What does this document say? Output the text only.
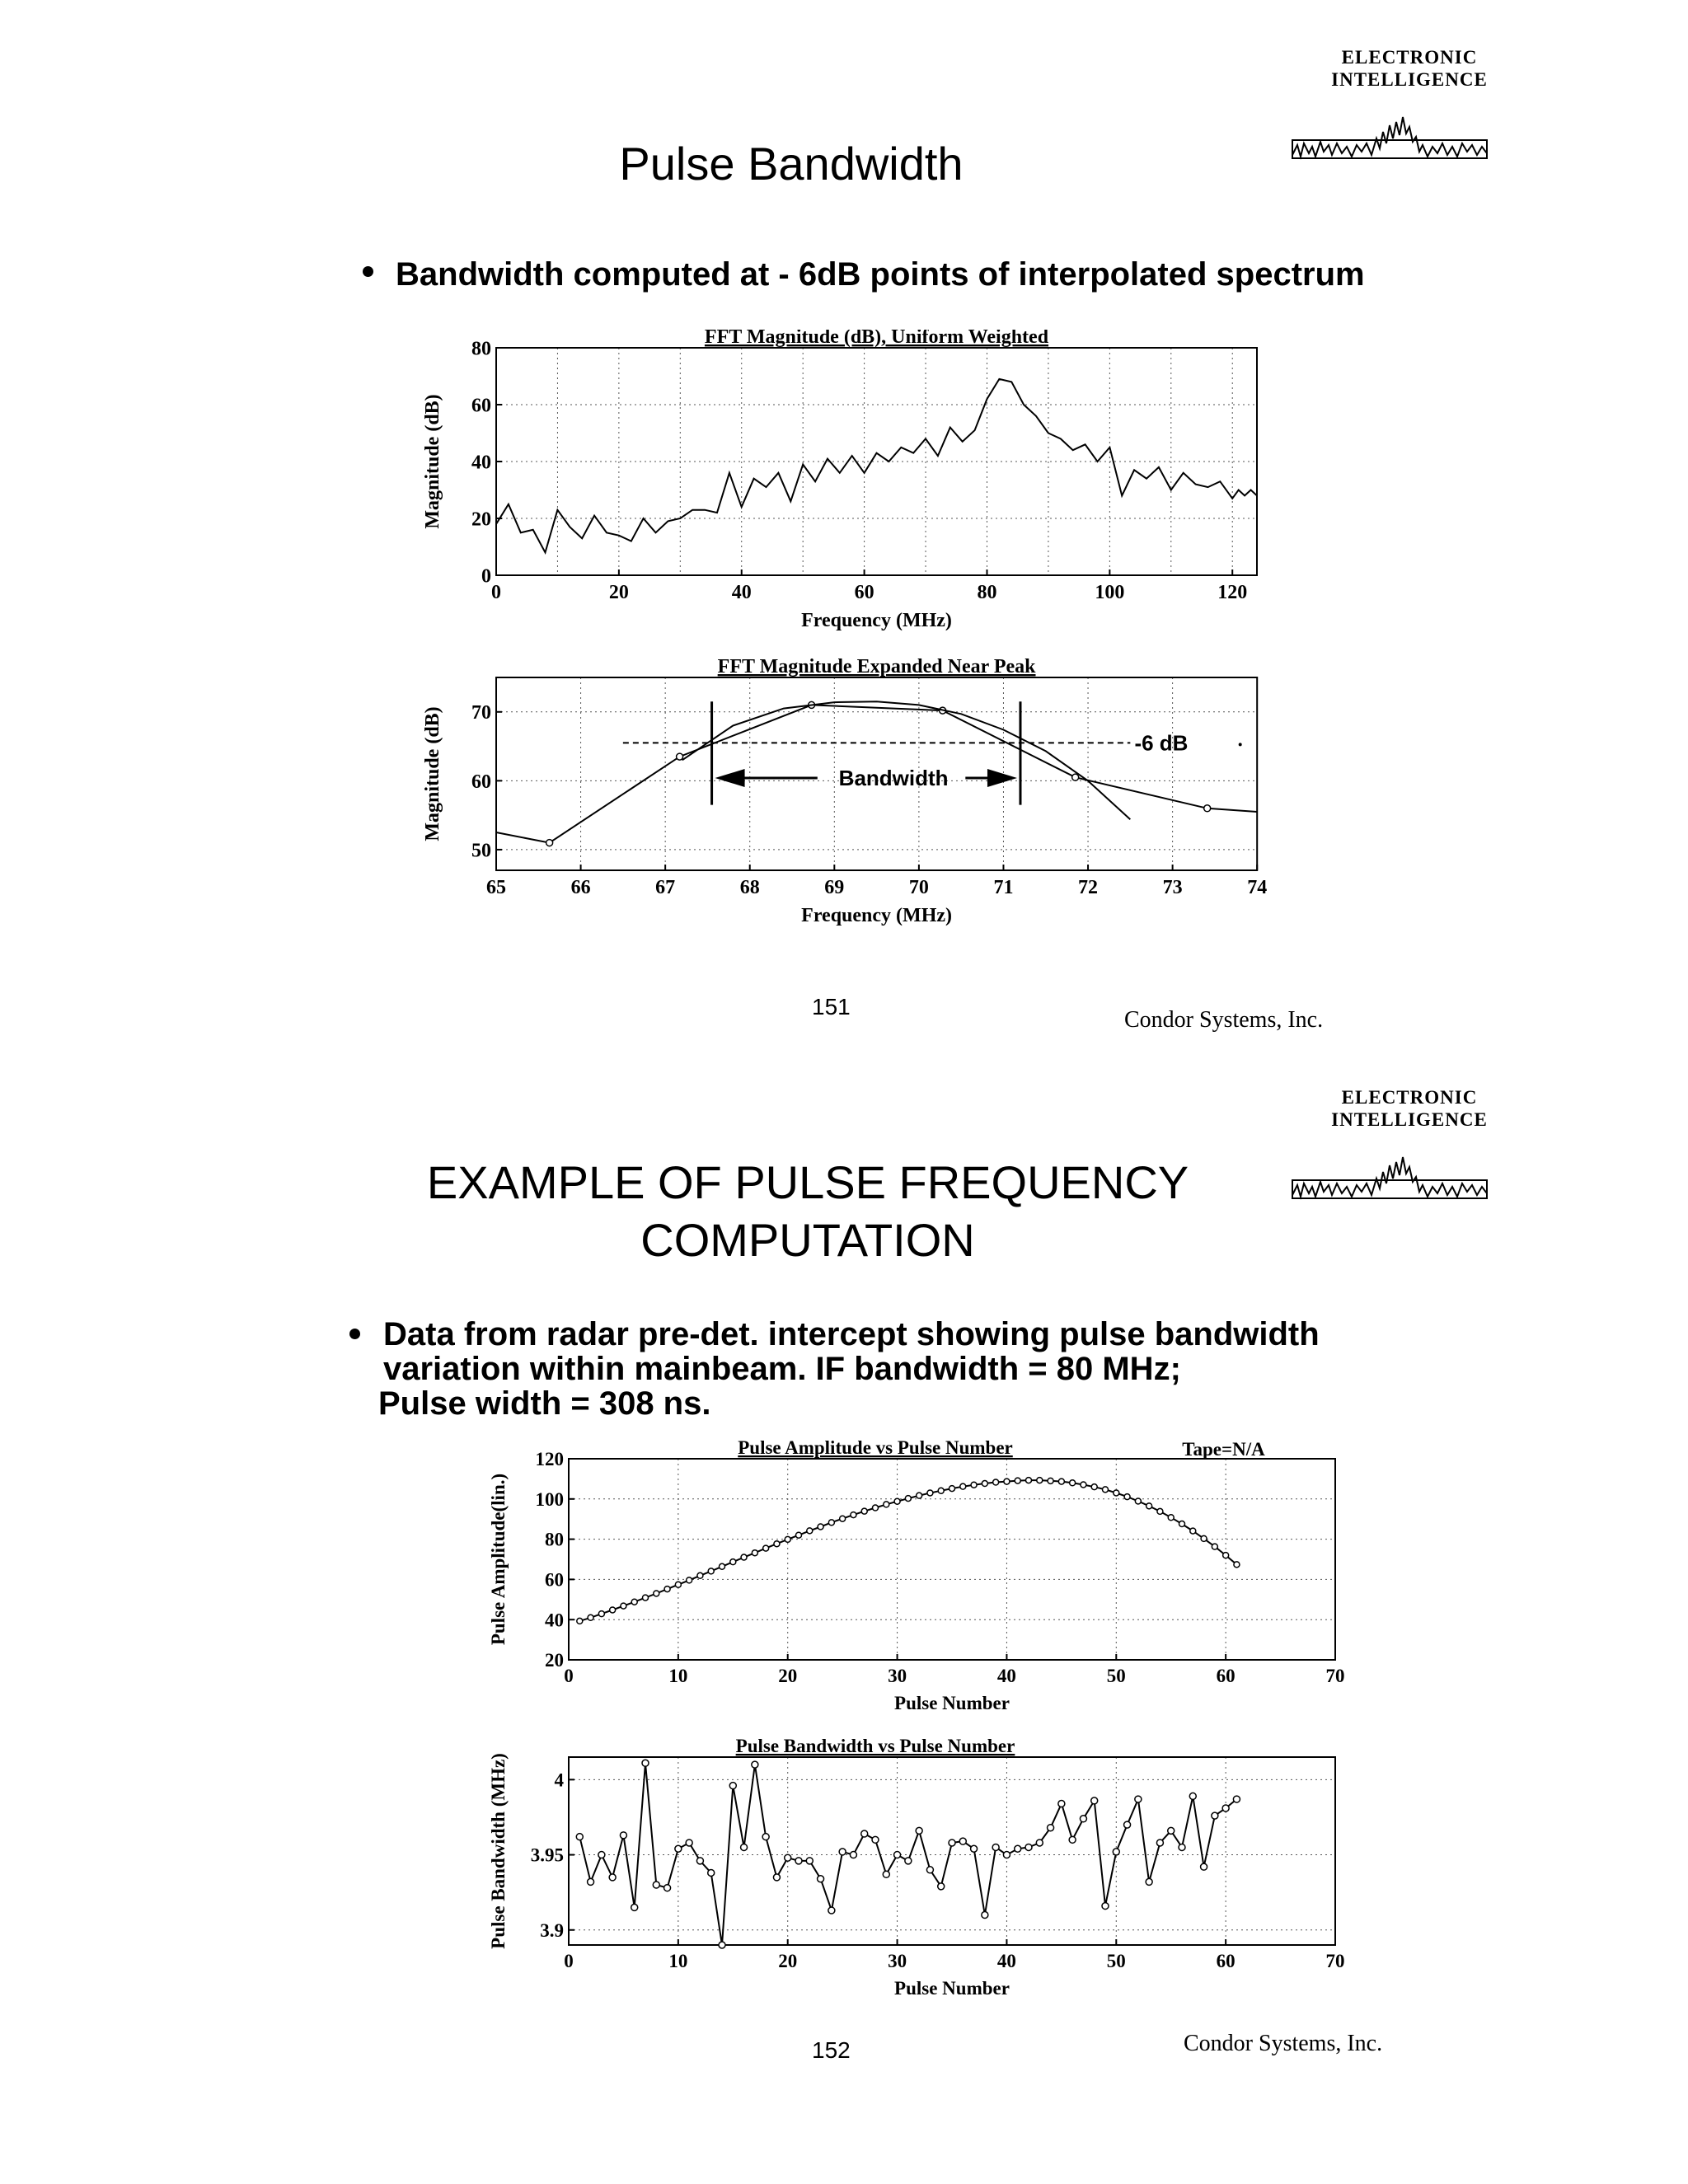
ELECTRONIC
INTELLIGENCE
Pulse Bandwidth
Bandwidth computed at - 6dB points of interpolated spectrum
0	20	40	60	80	100	120
0
20
40
60
80
FFT Magnitude (dB), Uniform Weighted
Frequency (MHz)
Magnitude (dB)
65	66	67	68	69	70	71	72	73	74
50
60
70
FFT Magnitude Expanded Near Peak
Frequency (MHz)
Magnitude (dB)	-6 dB
Bandwidth
151
Condor Systems, Inc.
ELECTRONIC
INTELLIGENCE
EXAMPLE OF PULSE FREQUENCY
COMPUTATION
Data from radar pre-det. intercept showing pulse bandwidth
variation within mainbeam. IF bandwidth = 80 MHz;
Pulse width = 308 ns.
0	10	20	30	40	50	60	70
20
40
60
80
100
120
Pulse Amplitude vs Pulse Number
Pulse Number
Pulse Amplitude(lin.)
Tape=N/A
0	10	20	30	40	50	60	70
3.9
3.95
4
Pulse Bandwidth vs Pulse Number
Pulse Number
Pulse Bandwidth (MHz)
152	Condor Systems, Inc.
